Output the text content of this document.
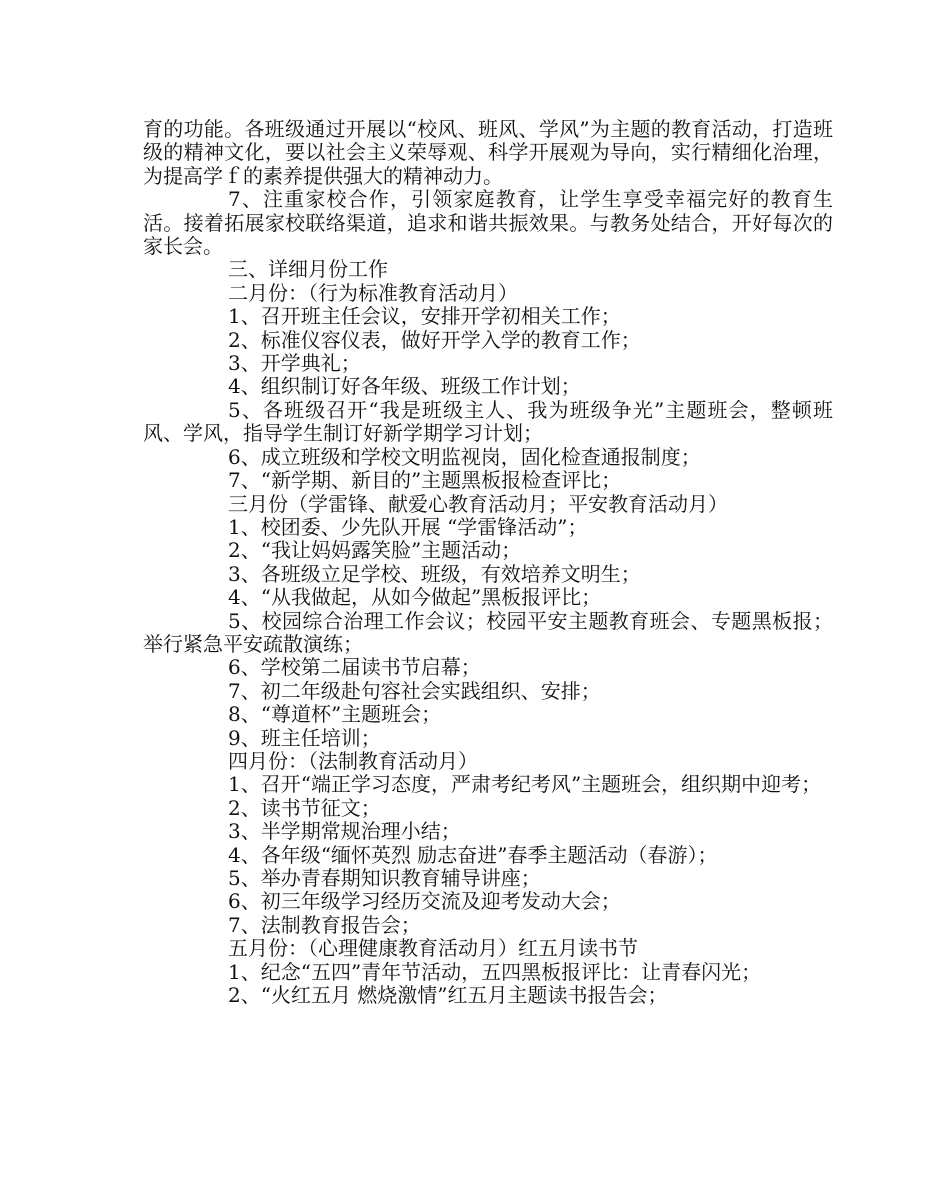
育的功能。各班级通过开展以“校风、班风、学风”为主题的教育活动，打造班级的精神文化，要以社会主义荣辱观、科学开展观为导向，实行精细化治理，为提高学ｆ的素养提供强大的精神动力。

7、注重家校合作，引领家庭教育，让学生享受幸福完好的教育生活。接着拓展家校联络渠道，追求和谐共振效果。与教务处结合，开好每次的家长会。

三、详细月份工作

二月份：（行为标准教育活动月）

1、召开班主任会议，安排开学初相关工作；

2、标准仪容仪表，做好开学入学的教育工作；

3、开学典礼；

4、组织制订好各年级、班级工作计划；

5、各班级召开“我是班级主人、我为班级争光”主题班会，整顿班风、学风，指导学生制订好新学期学习计划；

6、成立班级和学校文明监视岗，固化检查通报制度；

7、“新学期、新目的”主题黑板报检查评比；

三月份（学雷锋、献爱心教育活动月；平安教育活动月）

1、校团委、少先队开展 “学雷锋活动”；

2、“我让妈妈露笑脸”主题活动；

3、各班级立足学校、班级，有效培养文明生；

4、“从我做起，从如今做起”黑板报评比；

5、校园综合治理工作会议；校园平安主题教育班会、专题黑板报；举行紧急平安疏散演练；

6、学校第二届读书节启幕；

7、初二年级赴句容社会实践组织、安排；

8、“尊道杯”主题班会；

9、班主任培训；

四月份：（法制教育活动月）

1、召开“端正学习态度，严肃考纪考风”主题班会，组织期中迎考；

2、读书节征文；

3、半学期常规治理小结；

4、各年级“缅怀英烈 励志奋进”春季主题活动（春游）；

5、举办青春期知识教育辅导讲座；

6、初三年级学习经历交流及迎考发动大会；

7、法制教育报告会；

五月份：（心理健康教育活动月）红五月读书节

1、纪念“五四”青年节活动，五四黑板报评比：让青春闪光；

2、“火红五月 燃烧激情”红五月主题读书报告会；
